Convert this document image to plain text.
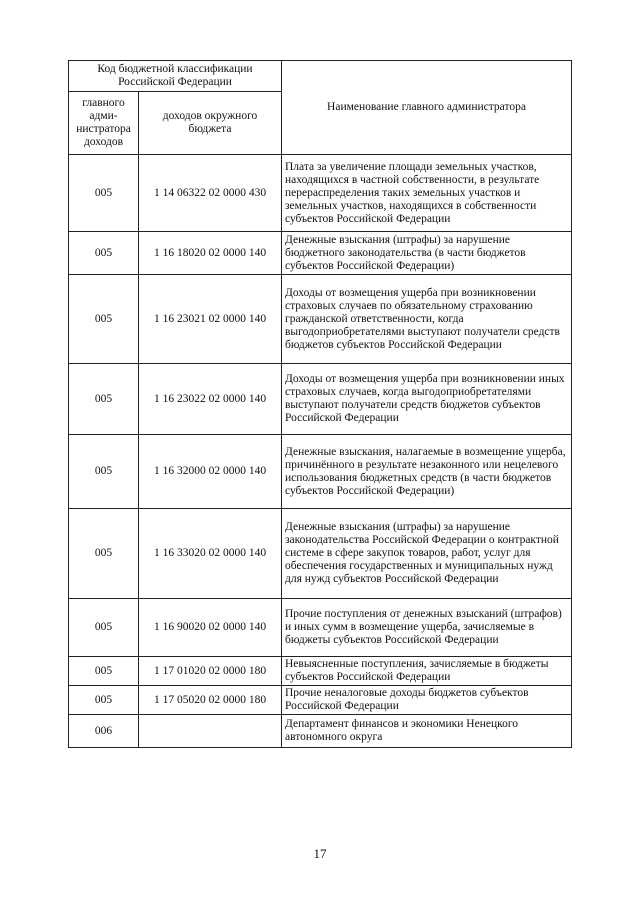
Код бюджетной классификации Российской Федерации		Наименование главного администратора
главного адми-нистратора доходов	доходов окружного бюджета	
005	1 14 06322 02 0000 430	Плата за увеличение площади земельных участков, находящихся в частной собственности, в результате перераспределения таких земельных участков и земельных участков, находящихся в собственности субъектов Российской Федерации
005	1 16 18020 02 0000 140	Денежные взыскания (штрафы) за нарушение бюджетного законодательства (в части бюджетов субъектов Российской Федерации)
005	1 16 23021 02 0000 140	Доходы от возмещения ущерба при возникновении страховых случаев по обязательному страхованию гражданской ответственности, когда выгодоприобретателями выступают получатели средств бюджетов субъектов Российской Федерации
005	1 16 23022 02 0000 140	Доходы от возмещения ущерба при возникновении иных страховых случаев, когда выгодоприобретателями выступают получатели средств бюджетов субъектов Российской Федерации
005	1 16 32000 02 0000 140	Денежные взыскания, налагаемые в возмещение ущерба, причинённого в результате незаконного или нецелевого использования бюджетных средств (в части бюджетов субъектов Российской Федерации)
005	1 16 33020 02 0000 140	Денежные взыскания (штрафы) за нарушение законодательства Российской Федерации о контрактной системе в сфере закупок товаров, работ, услуг для обеспечения государственных и муниципальных нужд для нужд субъектов Российской Федерации
005	1 16 90020 02 0000 140	Прочие поступления от денежных взысканий (штрафов) и иных сумм в возмещение ущерба, зачисляемые в бюджеты субъектов Российской Федерации
005	1 17 01020 02 0000 180	Невыясненные поступления, зачисляемые в бюджеты субъектов Российской Федерации
005	1 17 05020 02 0000 180	Прочие неналоговые доходы бюджетов субъектов Российской Федерации
006		Департамент финансов и экономики Ненецкого автономного округа
17
